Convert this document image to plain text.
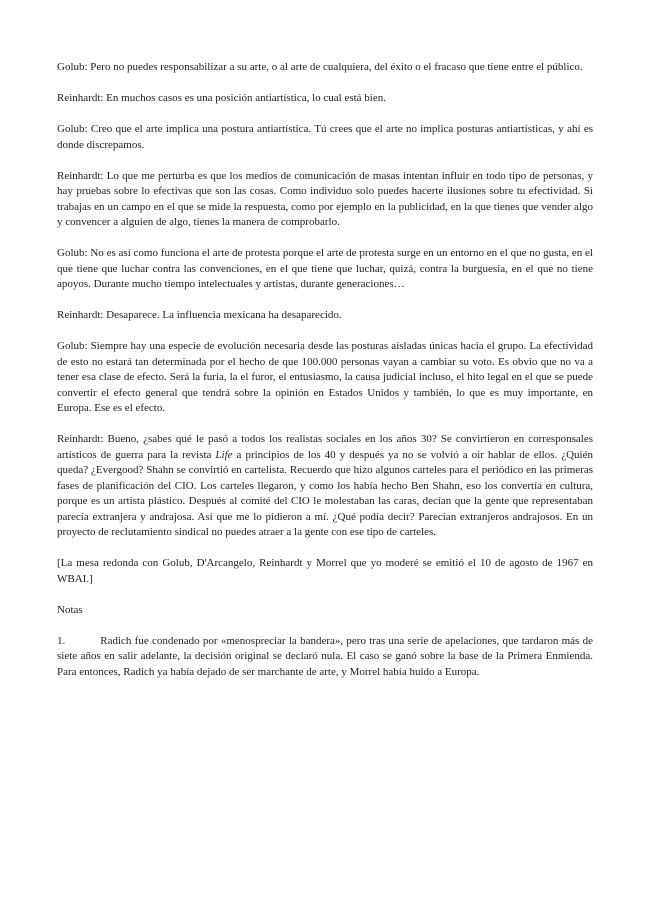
Golub: Pero no puedes responsabilizar a su arte, o al arte de cualquiera, del éxito o el fracaso que tiene entre el público.

Reinhardt: En muchos casos es una posición antiartística, lo cual está bien.

Golub: Creo que el arte implica una postura antiartística. Tú crees que el arte no implica posturas antiartísticas, y ahí es donde discrepamos.

Reinhardt: Lo que me perturba es que los medios de comunicación de masas intentan influir en todo tipo de personas, y hay pruebas sobre lo efectivas que son las cosas. Como individuo solo puedes hacerte ilusiones sobre tu efectividad. Si trabajas en un campo en el que se mide la respuesta, como por ejemplo en la publicidad, en la que tienes que vender algo y convencer a alguien de algo, tienes la manera de comprobarlo.

Golub: No es así como funciona el arte de protesta porque el arte de protesta surge en un entorno en el que no gusta, en el que tiene que luchar contra las convenciones, en el que tiene que luchar, quizá, contra la burguesía, en el que no tiene apoyos. Durante mucho tiempo intelectuales y artistas, durante generaciones…

Reinhardt: Desaparece. La influencia mexicana ha desaparecido.

Golub: Siempre hay una especie de evolución necesaria desde las posturas aisladas únicas hacia el grupo. La efectividad de esto no estará tan determinada por el hecho de que 100.000 personas vayan a cambiar su voto. Es obvio que no va a tener esa clase de efecto. Será la furia, la el furor, el entusiasmo, la causa judicial incluso, el hito legal en el que se puede convertir el efecto general que tendrá sobre la opinión en Estados Unidos y también, lo que es muy importante, en Europa. Ese es el efecto.

Reinhardt: Bueno, ¿sabes qué le pasó a todos los realistas sociales en los años 30? Se convirtieron en corresponsales artísticos de guerra para la revista Life a principios de los 40 y después ya no se volvió a oír hablar de ellos. ¿Quién queda? ¿Evergood? Shahn se convirtió en cartelista. Recuerdo que hizo algunos carteles para el periódico en las primeras fases de planificación del CIO. Los carteles llegaron, y como los había hecho Ben Shahn, eso los convertía en cultura, porque es un artista plástico. Después al comité del CIO le molestaban las caras, decían que la gente que representaban parecía extranjera y andrajosa. Así que me lo pidieron a mí. ¿Qué podía decir? Parecían extranjeros andrajosos. En un proyecto de reclutamiento sindical no puedes atraer a la gente con ese tipo de carteles.

[La mesa redonda con Golub, D'Arcangelo, Reinhardt y Morrel que yo moderé se emitió el 10 de agosto de 1967 en WBAI.]

Notas

1.	Radich fue condenado por «menospreciar la bandera», pero tras una serie de apelaciones, que tardaron más de siete años en salir adelante, la decisión original se declaró nula. El caso se ganó sobre la base de la Primera Enmienda. Para entonces, Radich ya había dejado de ser marchante de arte, y Morrel había huido a Europa.
